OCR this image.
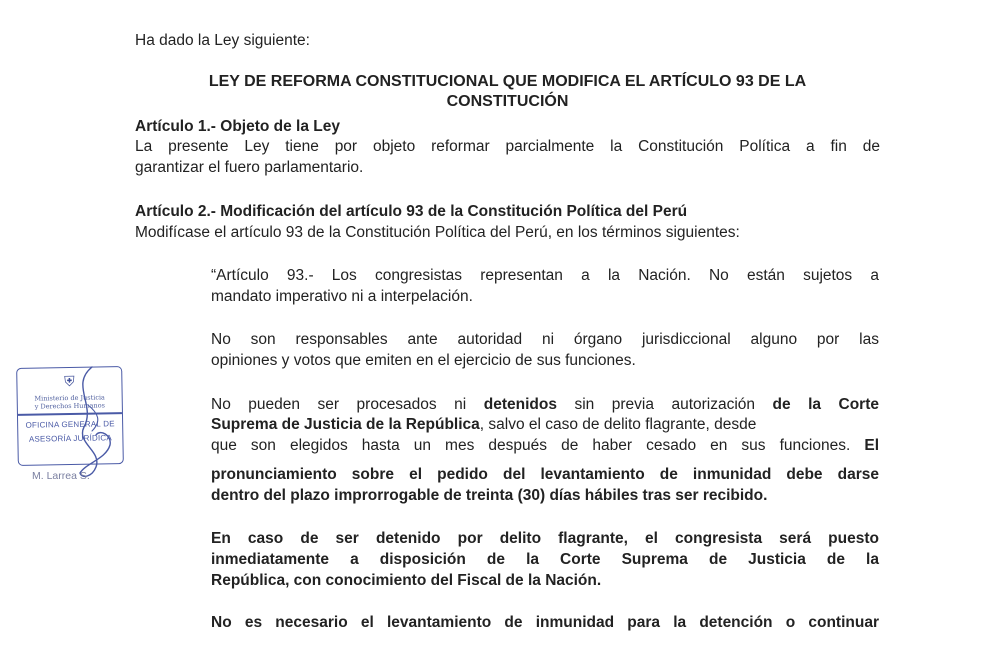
Ha dado la Ley siguiente:
LEY DE REFORMA CONSTITUCIONAL QUE MODIFICA EL ARTÍCULO 93 DE LA
CONSTITUCIÓN
Artículo 1.- Objeto de la Ley
La presente Ley tiene por objeto reformar parcialmente la Constitución Política a fin de
garantizar el fuero parlamentario.
Artículo 2.- Modificación del artículo 93 de la Constitución Política del Perú
Modifícase el artículo 93 de la Constitución Política del Perú, en los términos siguientes:
“Artículo 93.- Los congresistas representan a la Nación. No están sujetos a
mandato imperativo ni a interpelación.
No son responsables ante autoridad ni órgano jurisdiccional alguno por las
opiniones y votos que emiten en el ejercicio de sus funciones.
No pueden ser procesados ni detenidos sin previa autorización de la Corte
Suprema de Justicia de la República, salvo el caso de delito flagrante, desde
que son elegidos hasta un mes después de haber cesado en sus funciones. El
pronunciamiento sobre el pedido del levantamiento de inmunidad debe darse
dentro del plazo improrrogable de treinta (30) días hábiles tras ser recibido.
En caso de ser detenido por delito flagrante, el congresista será puesto
inmediatamente a disposición de la Corte Suprema de Justicia de la
República, con conocimiento del Fiscal de la Nación.
No es necesario el levantamiento de inmunidad para la detención o continuar
⛨
Ministerio de Justicia
y Derechos Humanos
OFICINA GENERAL DE
ASESORÍA JURÍDICA
M. Larrea S.
